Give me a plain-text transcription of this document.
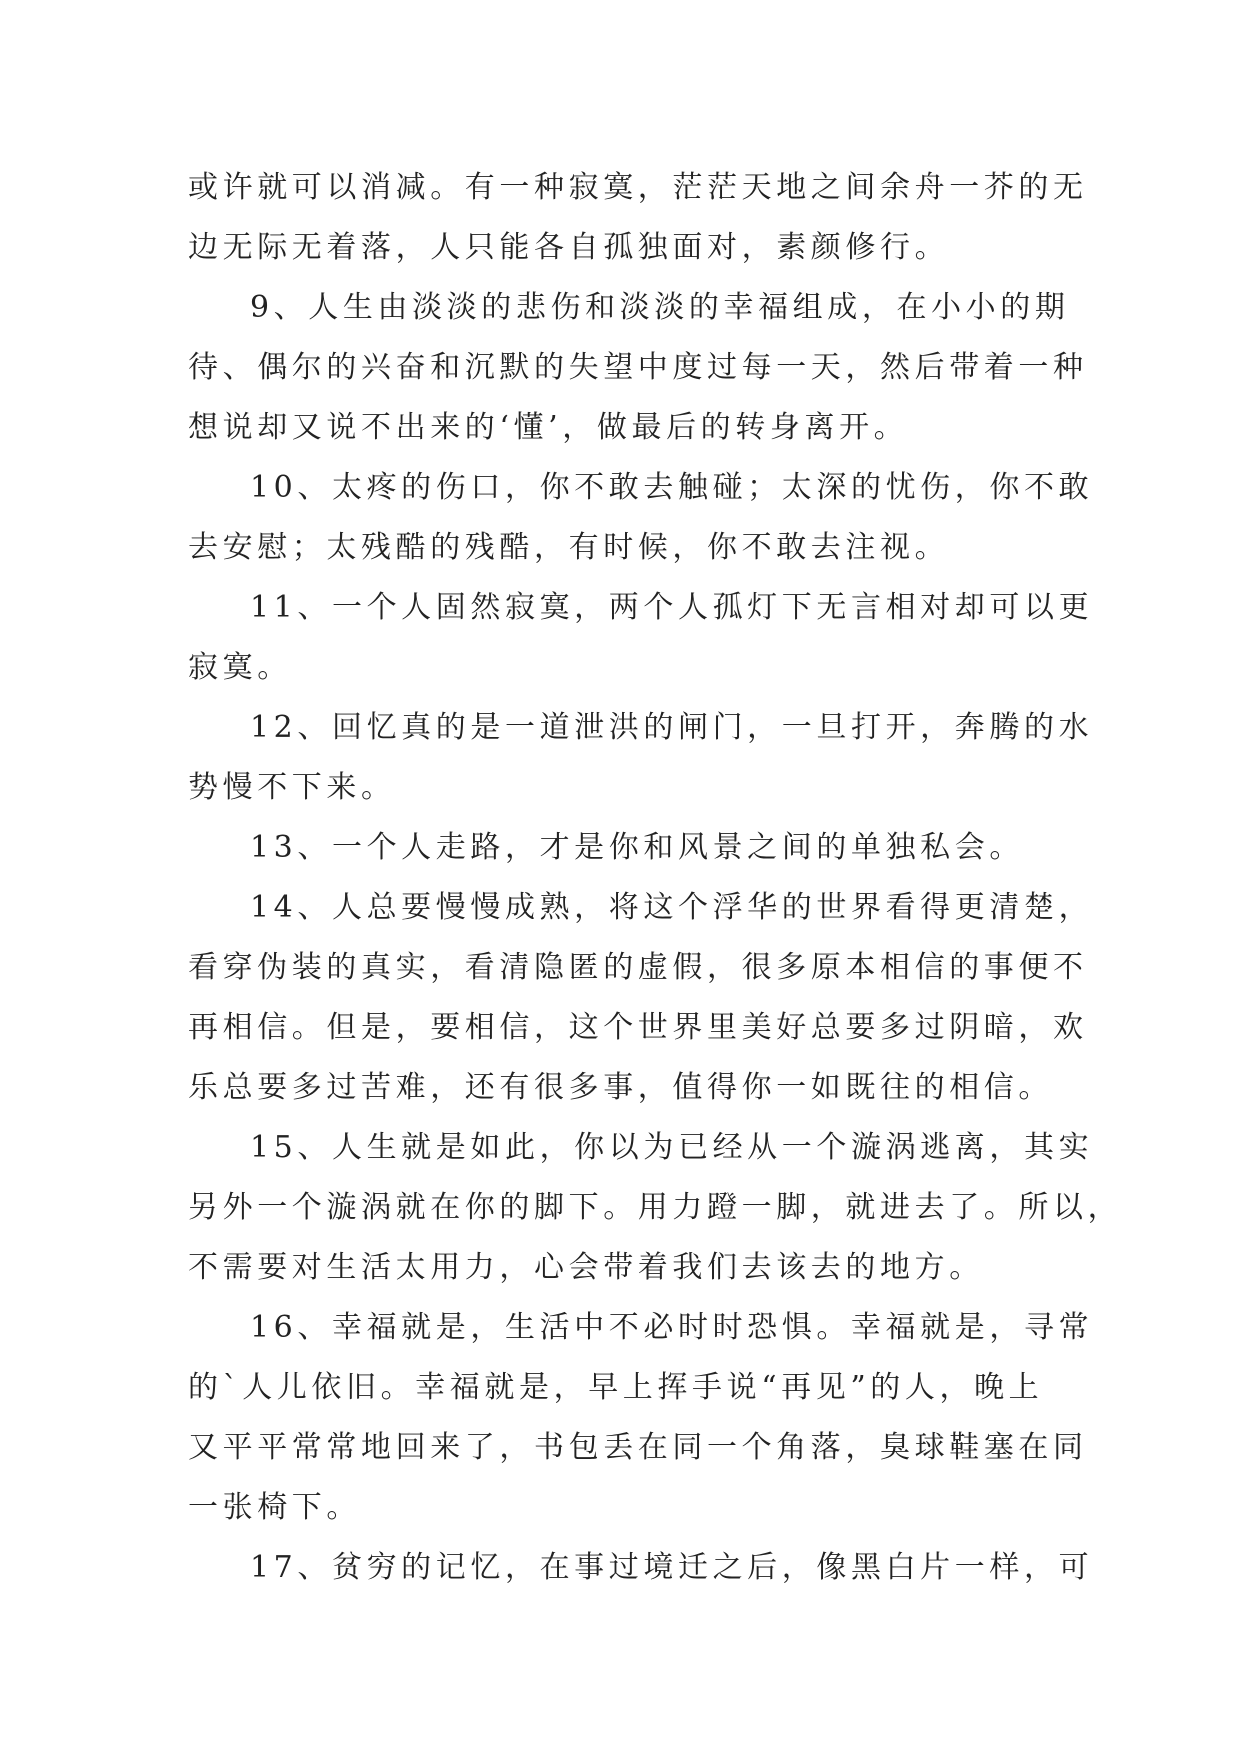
或许就可以消减。有一种寂寞，茫茫天地之间余舟一芥的无
边无际无着落，人只能各自孤独面对，素颜修行。
9、人生由淡淡的悲伤和淡淡的幸福组成，在小小的期
待、偶尔的兴奋和沉默的失望中度过每一天，然后带着一种
想说却又说不出来的‘懂’，做最后的转身离开。
10、太疼的伤口，你不敢去触碰；太深的忧伤，你不敢
去安慰；太残酷的残酷，有时候，你不敢去注视。
11、一个人固然寂寞，两个人孤灯下无言相对却可以更
寂寞。
12、回忆真的是一道泄洪的闸门，一旦打开，奔腾的水
势慢不下来。
13、一个人走路，才是你和风景之间的单独私会。
14、人总要慢慢成熟，将这个浮华的世界看得更清楚，
看穿伪装的真实，看清隐匿的虚假，很多原本相信的事便不
再相信。但是，要相信，这个世界里美好总要多过阴暗，欢
乐总要多过苦难，还有很多事，值得你一如既往的相信。
15、人生就是如此，你以为已经从一个漩涡逃离，其实
另外一个漩涡就在你的脚下。用力蹬一脚，就进去了。所以，
不需要对生活太用力，心会带着我们去该去的地方。
16、幸福就是，生活中不必时时恐惧。幸福就是，寻常
的`人儿依旧。幸福就是，早上挥手说“再见”的人，晚上
又平平常常地回来了，书包丢在同一个角落，臭球鞋塞在同
一张椅下。
17、贫穷的记忆，在事过境迁之后，像黑白片一样，可
